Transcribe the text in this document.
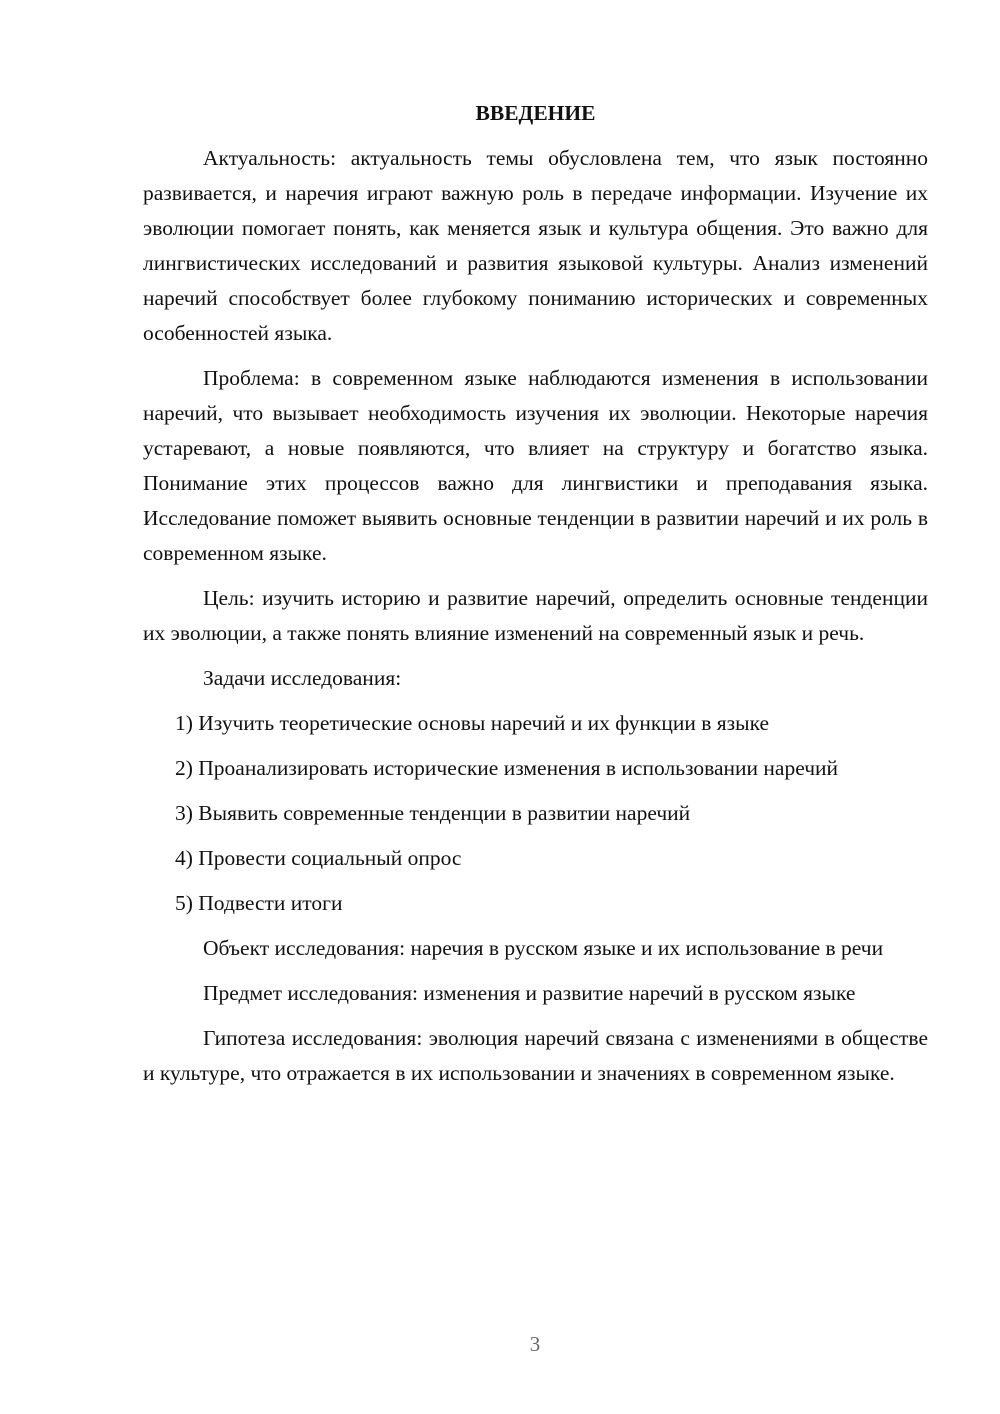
ВВЕДЕНИЕ

Актуальность: актуальность темы обусловлена тем, что язык постоянно развивается, и наречия играют важную роль в передаче информации. Изучение их эволюции помогает понять, как меняется язык и культура общения. Это важно для лингвистических исследований и развития языковой культуры. Анализ изменений наречий способствует более глубокому пониманию исторических и современных особенностей языка.

Проблема: в современном языке наблюдаются изменения в использовании наречий, что вызывает необходимость изучения их эволюции. Некоторые наречия устаревают, а новые появляются, что влияет на структуру и богатство языка. Понимание этих процессов важно для лингвистики и преподавания языка. Исследование поможет выявить основные тенденции в развитии наречий и их роль в современном языке.

Цель: изучить историю и развитие наречий, определить основные тенденции их эволюции, а также понять влияние изменений на современный язык и речь.

Задачи исследования:

1) Изучить теоретические основы наречий и их функции в языке

2) Проанализировать исторические изменения в использовании наречий

3) Выявить современные тенденции в развитии наречий

4) Провести социальный опрос

5) Подвести итоги

Объект исследования: наречия в русском языке и их использование в речи

Предмет исследования: изменения и развитие наречий в русском языке

Гипотеза исследования: эволюция наречий связана с изменениями в обществе и культуре, что отражается в их использовании и значениях в современном языке.

3
